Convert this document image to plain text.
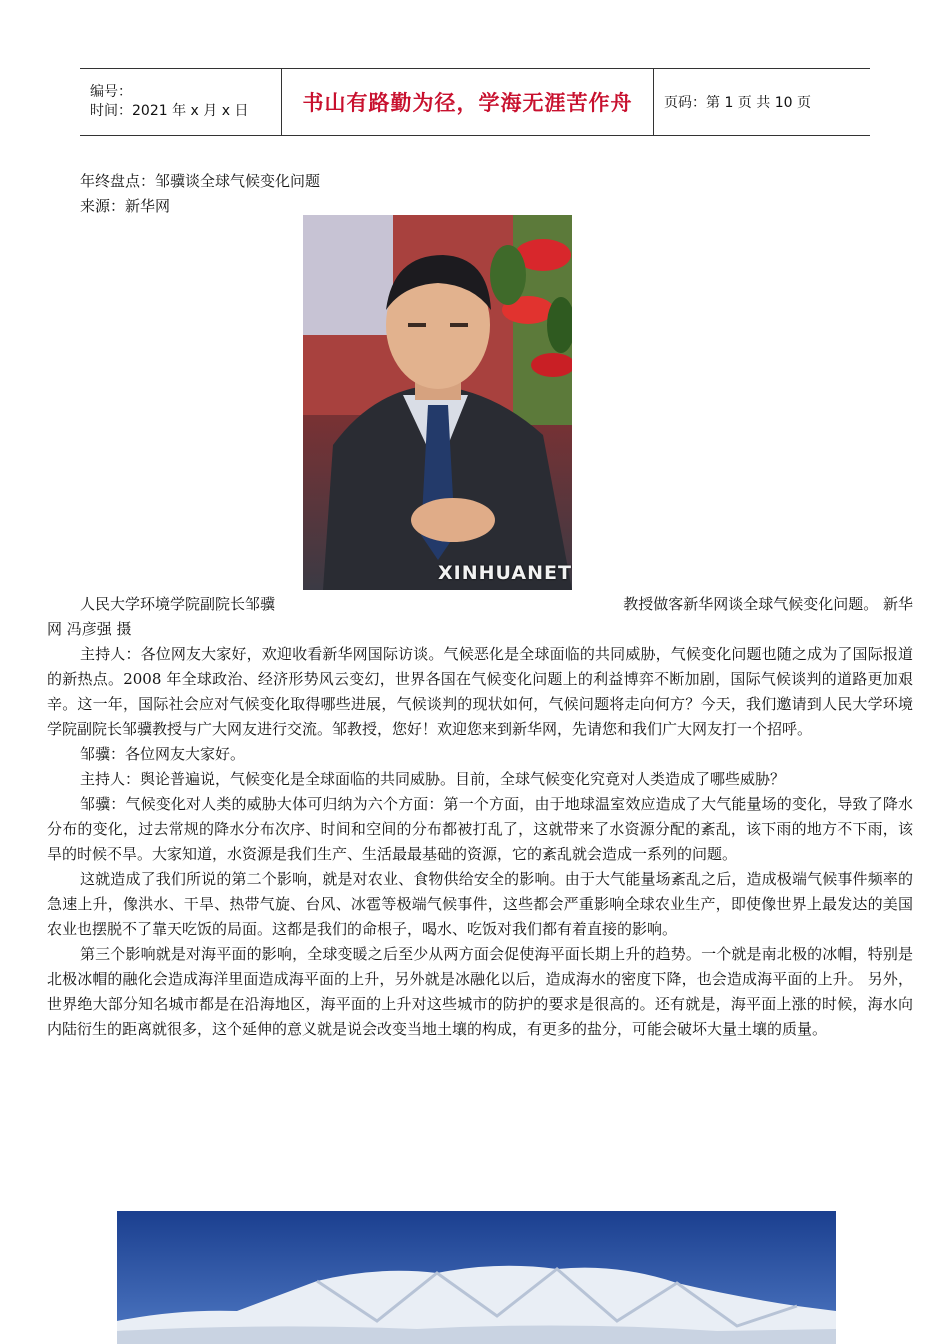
编号：
时间：2021 年 x 月 x 日	书山有路勤为径，学海无涯苦作舟	页码：第 1 页 共 10 页
年终盘点：邹骥谈全球气候变化问题
来源：新华网
XINHUANET
人民大学环境学院副院长邹骥	教授做客新华网谈全球气候变化问题。 新华
网 冯彦强 摄

主持人：各位网友大家好，欢迎收看新华网国际访谈。气候恶化是全球面临的共同威胁，气候变化问题也随之成为了国际报道的新热点。2008 年全球政治、经济形势风云变幻，世界各国在气候变化问题上的利益博弈不断加剧，国际气候谈判的道路更加艰辛。这一年，国际社会应对气候变化取得哪些进展，气候谈判的现状如何，气候问题将走向何方？今天，我们邀请到人民大学环境学院副院长邹骥教授与广大网友进行交流。邹教授，您好！欢迎您来到新华网，先请您和我们广大网友打一个招呼。

邹骥：各位网友大家好。

主持人：舆论普遍说，气候变化是全球面临的共同威胁。目前，全球气候变化究竟对人类造成了哪些威胁？

邹骥：气候变化对人类的威胁大体可归纳为六个方面：第一个方面，由于地球温室效应造成了大气能量场的变化，导致了降水分布的变化，过去常规的降水分布次序、时间和空间的分布都被打乱了，这就带来了水资源分配的紊乱，该下雨的地方不下雨，该旱的时候不旱。大家知道，水资源是我们生产、生活最最基础的资源，它的紊乱就会造成一系列的问题。

这就造成了我们所说的第二个影响，就是对农业、食物供给安全的影响。由于大气能量场紊乱之后，造成极端气候事件频率的急速上升，像洪水、干旱、热带气旋、台风、冰雹等极端气候事件，这些都会严重影响全球农业生产，即使像世界上最发达的美国农业也摆脱不了靠天吃饭的局面。这都是我们的命根子，喝水、吃饭对我们都有着直接的影响。

第三个影响就是对海平面的影响，全球变暖之后至少从两方面会促使海平面长期上升的趋势。一个就是南北极的冰帽，特别是北极冰帽的融化会造成海洋里面造成海平面的上升，另外就是冰融化以后，造成海水的密度下降，也会造成海平面的上升。 另外，世界绝大部分知名城市都是在沿海地区，海平面的上升对这些城市的防护的要求是很高的。还有就是，海平面上涨的时候，海水向内陆衍生的距离就很多，这个延伸的意义就是说会改变当地土壤的构成，有更多的盐分，可能会破坏大量土壤的质量。
